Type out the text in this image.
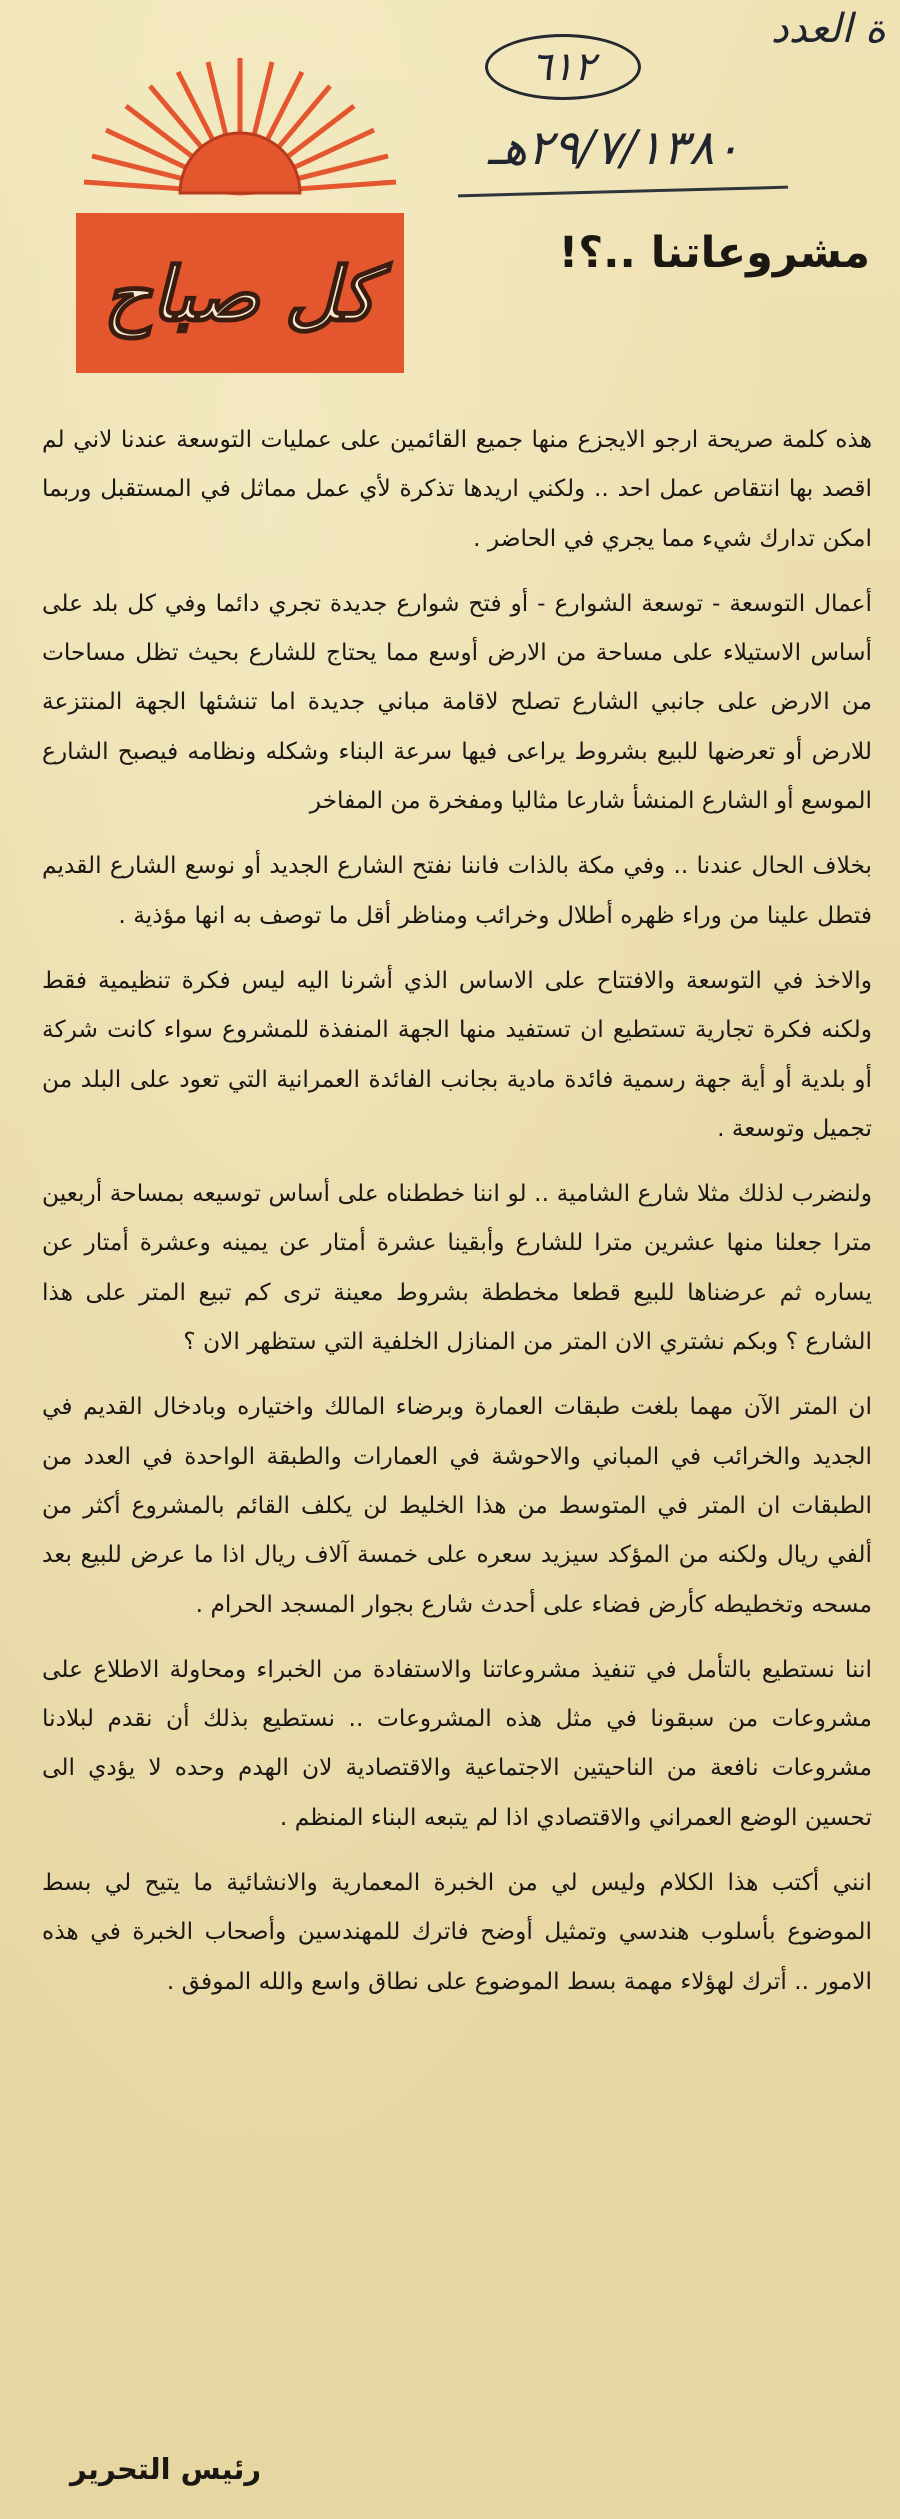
ة العدد
٦١٢
٢٩/٧/١٣٨٠هـ
كل صباح	مشروعاتنا ..؟!

هذه كلمة صريحة ارجو الايجزع منها جميع القائمين على عمليات التوسعة عندنا لاني لم اقصد بها انتقاص عمل احد .. ولكني اريدها تذكرة لأي عمل مماثل في المستقبل وربما امكن تدارك شيء مما يجري في الحاضر .

أعمال التوسعة - توسعة الشوارع - أو فتح شوارع جديدة تجري دائما وفي كل بلد على أساس الاستيلاء على مساحة من الارض أوسع مما يحتاج للشارع بحيث تظل مساحات من الارض على جانبي الشارع تصلح لاقامة مباني جديدة اما تنشئها الجهة المنتزعة للارض أو تعرضها للبيع بشروط يراعى فيها سرعة البناء وشكله ونظامه فيصبح الشارع الموسع أو الشارع المنشأ شارعا مثاليا ومفخرة من المفاخر

بخلاف الحال عندنا .. وفي مكة بالذات فاننا نفتح الشارع الجديد أو نوسع الشارع القديم فتطل علينا من وراء ظهره أطلال وخرائب ومناظر أقل ما توصف به انها مؤذية .

والاخذ في التوسعة والافتتاح على الاساس الذي أشرنا اليه ليس فكرة تنظيمية فقط ولكنه فكرة تجارية تستطيع ان تستفيد منها الجهة المنفذة للمشروع سواء كانت شركة أو بلدية أو أية جهة رسمية فائدة مادية بجانب الفائدة العمرانية التي تعود على البلد من تجميل وتوسعة .

ولنضرب لذلك مثلا شارع الشامية .. لو اننا خططناه على أساس توسيعه بمساحة أربعين مترا جعلنا منها عشرين مترا للشارع وأبقينا عشرة أمتار عن يمينه وعشرة أمتار عن يساره ثم عرضناها للبيع قطعا مخططة بشروط معينة ترى كم تبيع المتر على هذا الشارع ؟ وبكم نشتري الان المتر من المنازل الخلفية التي ستظهر الان ؟

ان المتر الآن مهما بلغت طبقات العمارة وبرضاء المالك واختياره وبادخال القديم في الجديد والخرائب في المباني والاحوشة في العمارات والطبقة الواحدة في العدد من الطبقات ان المتر في المتوسط من هذا الخليط لن يكلف القائم بالمشروع أكثر من ألفي ريال ولكنه من المؤكد سيزيد سعره على خمسة آلاف ريال اذا ما عرض للبيع بعد مسحه وتخطيطه كأرض فضاء على أحدث شارع بجوار المسجد الحرام .

اننا نستطيع بالتأمل في تنفيذ مشروعاتنا والاستفادة من الخبراء ومحاولة الاطلاع على مشروعات من سبقونا في مثل هذه المشروعات .. نستطيع بذلك أن نقدم لبلادنا مشروعات نافعة من الناحيتين الاجتماعية والاقتصادية لان الهدم وحده لا يؤدي الى تحسين الوضع العمراني والاقتصادي اذا لم يتبعه البناء المنظم .

انني أكتب هذا الكلام وليس لي من الخبرة المعمارية والانشائية ما يتيح لي بسط الموضوع بأسلوب هندسي وتمثيل أوضح فاترك للمهندسين وأصحاب الخبرة في هذه الامور .. أترك لهؤلاء مهمة بسط الموضوع على نطاق واسع والله الموفق .

رئيس التحرير
